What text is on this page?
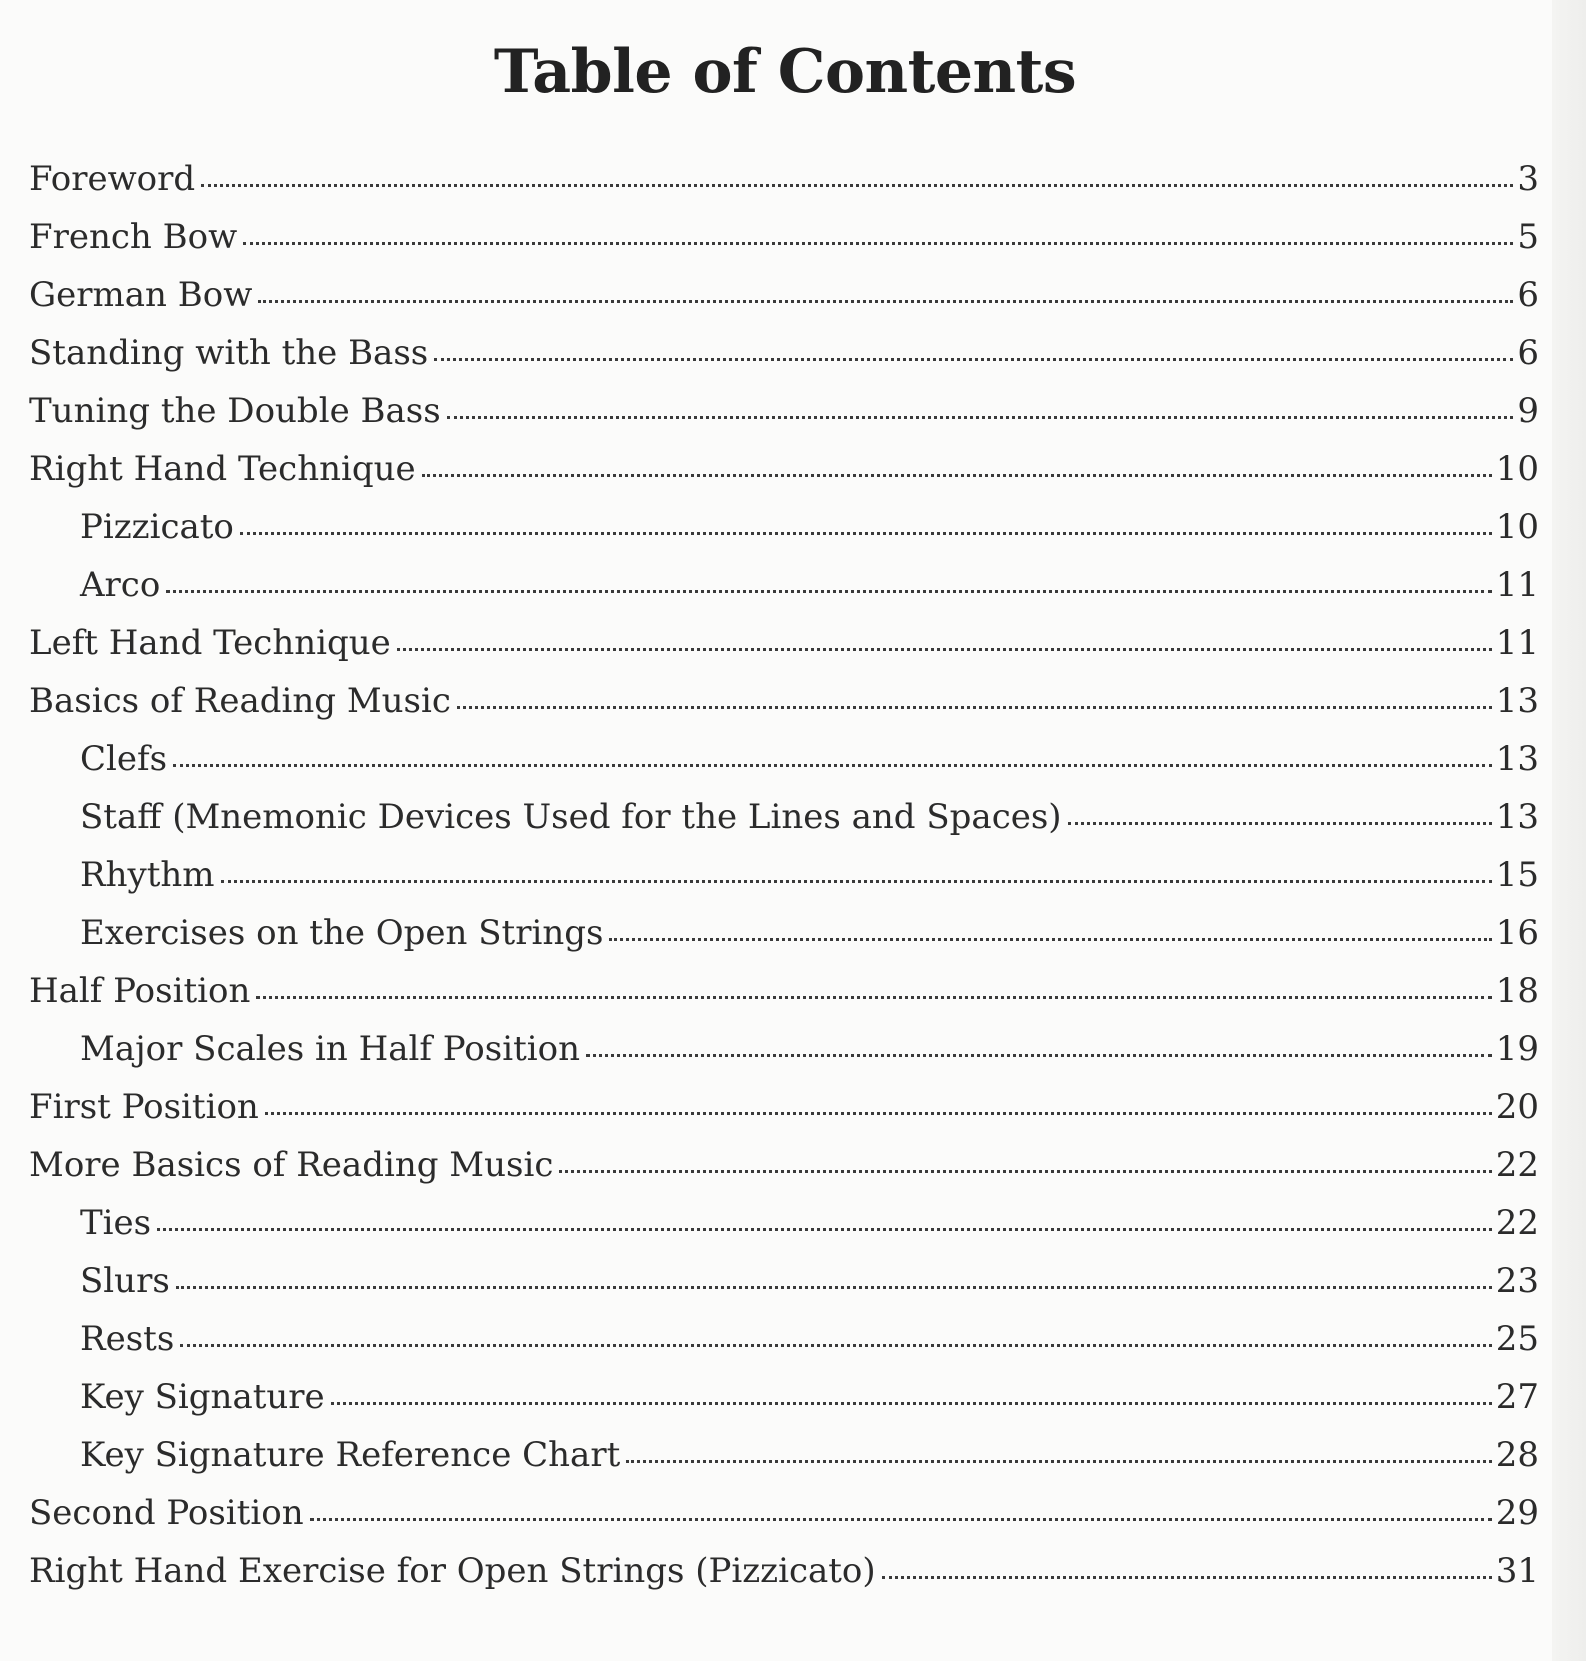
Table of Contents
Foreword	3
French Bow	5
German Bow	6
Standing with the Bass	6
Tuning the Double Bass	9
Right Hand Technique	10
Pizzicato	10
Arco	11
Left Hand Technique	11
Basics of Reading Music	13
Clefs	13
Staff (Mnemonic Devices Used for the Lines and Spaces)	13
Rhythm	15
Exercises on the Open Strings	16
Half Position	18
Major Scales in Half Position	19
First Position	20
More Basics of Reading Music	22
Ties	22
Slurs	23
Rests	25
Key Signature	27
Key Signature Reference Chart	28
Second Position	29
Right Hand Exercise for Open Strings (Pizzicato)	31
